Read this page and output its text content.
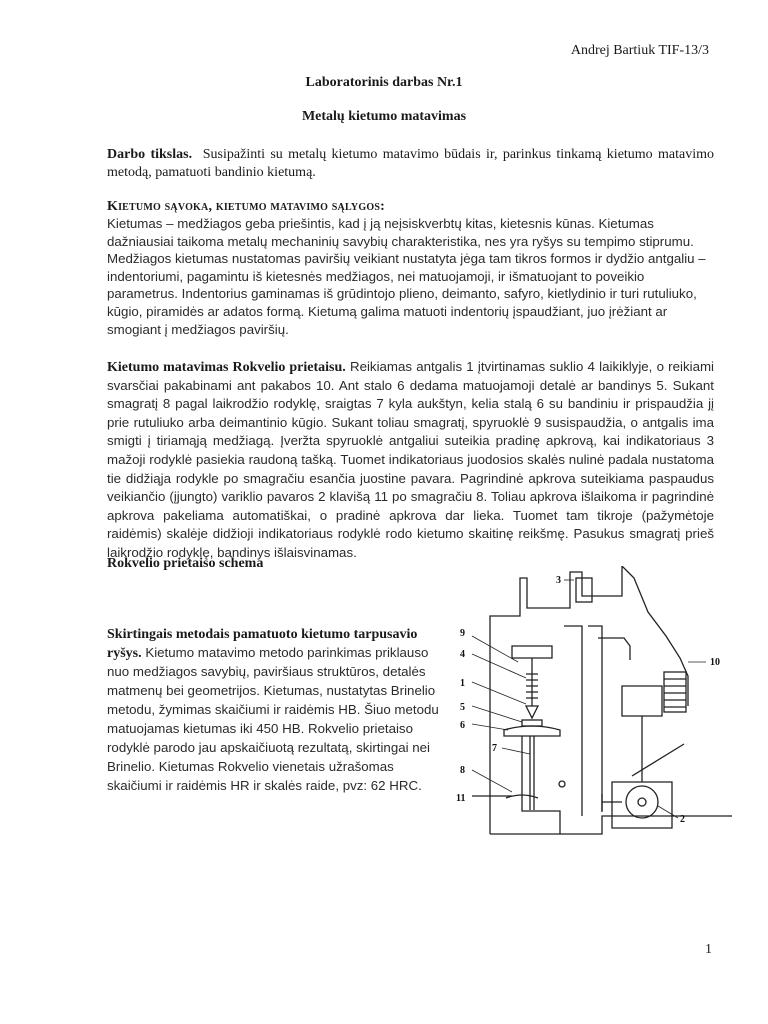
Andrej Bartiuk TIF-13/3
Laboratorinis darbas Nr.1
Metalų kietumo matavimas
Darbo tikslas. Susipažinti su metalų kietumo matavimo būdais ir, parinkus tinkamą kietumo matavimo metodą, pamatuoti bandinio kietumą.
Kietumo sąvoka, kietumo matavimo sąlygos:
Kietumas – medžiagos geba priešintis, kad į ją neįsiskverbtų kitas, kietesnis kūnas. Kietumas dažniausiai taikoma metalų mechaninių savybių charakteristika, nes yra ryšys su tempimo stiprumu. Medžiagos kietumas nustatomas paviršių veikiant nustatyta jėga tam tikros formos ir dydžio antgaliu – indentoriumi, pagamintu iš kietesnės medžiagos, nei matuojamoji, ir išmatuojant to poveikio parametrus. Indentorius gaminamas iš grūdintojo plieno, deimanto, safyro, kietlydinio ir turi rutuliuko, kūgio, piramidės ar adatos formą. Kietumą galima matuoti indentorių įspaudžiant, juo įrėžiant ar smogiant į medžiagos paviršių.
Kietumo matavimas Rokvelio prietaisu. Reikiamas antgalis 1 įtvirtinamas suklio 4 laikiklyje, o reikiami svarsčiai pakabinami ant pakabos 10. Ant stalo 6 dedama matuojamoji detalė ar bandinys 5. Sukant smagratį 8 pagal laikrodžio rodyklę, sraigtas 7 kyla aukštyn, kelia stalą 6 su bandiniu ir prispaudžia jį prie rutuliuko arba deimantinio kūgio. Sukant toliau smagratį, spyruoklė 9 susispaudžia, o antgalis ima smigti į tiriamąją medžiagą. Įveržta spyruoklė antgaliui suteikia pradinę apkrovą, kai indikatoriaus 3 mažoji rodyklė pasiekia raudoną tašką. Tuomet indikatoriaus juodosios skalės nulinė padala nustatoma tie didžiąja rodykle po smagračiu esančia juostine pavara. Pagrindinė apkrova suteikiama paspaudus veikiančio (įjungto) variklio pavaros 2 klavišą 11 po smagračiu 8. Toliau apkrova išlaikoma ir pagrindinė apkrova pakeliama automatiškai, o pradinė apkrova dar lieka. Tuomet tam tikroje (pažymėtoje raidėmis) skalėje didžioji indikatoriaus rodyklė rodo kietumo skaitinę reikšmę. Pasukus smagratį prieš laikrodžio rodyklę, bandinys išlaisvinamas.
Rokvelio prietaiso schema
Skirtingais metodais pamatuoto kietumo tarpusavio ryšys. Kietumo matavimo metodo parinkimas priklauso nuo medžiagos savybių, paviršiaus struktūros, detalės matmenų bei geometrijos. Kietumas, nustatytas Brinelio metodu, žymimas skaičiumi ir raidėmis HB. Šiuo metodu matuojamas kietumas iki 450 HB. Rokvelio prietaiso rodyklė parodo jau apskaičiuotą rezultatą, skirtingai nei Brinelio. Kietumas Rokvelio vienetais užrašomas skaičiumi ir raidėmis HR ir skalės raide, pvz: 62 HRC.
3
9
4
1
5
6
7
8
11
10
2
1
